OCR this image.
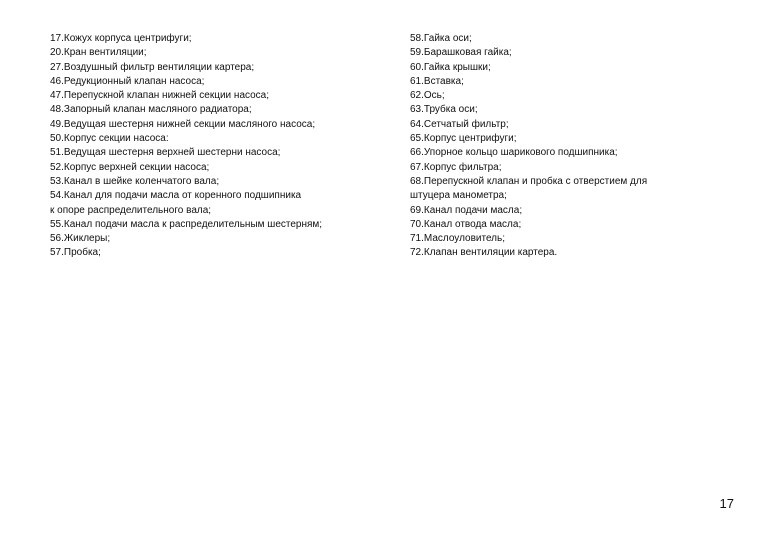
17.Кожух корпуса центрифуги;
20.Кран вентиляции;
27.Воздушный фильтр вентиляции картера;
46.Редукционный клапан насоса;
47.Перепускной клапан нижней секции насоса;
48.Запорный клапан масляного радиатора;
49.Ведущая шестерня нижней секции масляного насоса;
50.Корпус секции насоса:
51.Ведущая шестерня верхней шестерни насоса;
52.Корпус верхней секции насоса;
53.Канал в шейке коленчатого вала;
54.Канал для подачи масла от коренного подшипника
к опоре распределительного вала;
55.Канал подачи масла к распределительным шестерням;
56.Жиклеры;
57.Пробка;
58.Гайка оси;
59.Барашковая гайка;
60.Гайка крышки;
61.Вставка;
62.Ось;
63.Трубка оси;
64.Сетчатый фильтр;
65.Корпус центрифуги;
66.Упорное кольцо шарикового подшипника;
67.Корпус фильтра;
68.Перепускной клапан и пробка с отверстием для
штуцера манометра;
69.Канал подачи масла;
70.Канал отвода масла;
71.Маслоуловитель;
72.Клапан вентиляции картера.
17
